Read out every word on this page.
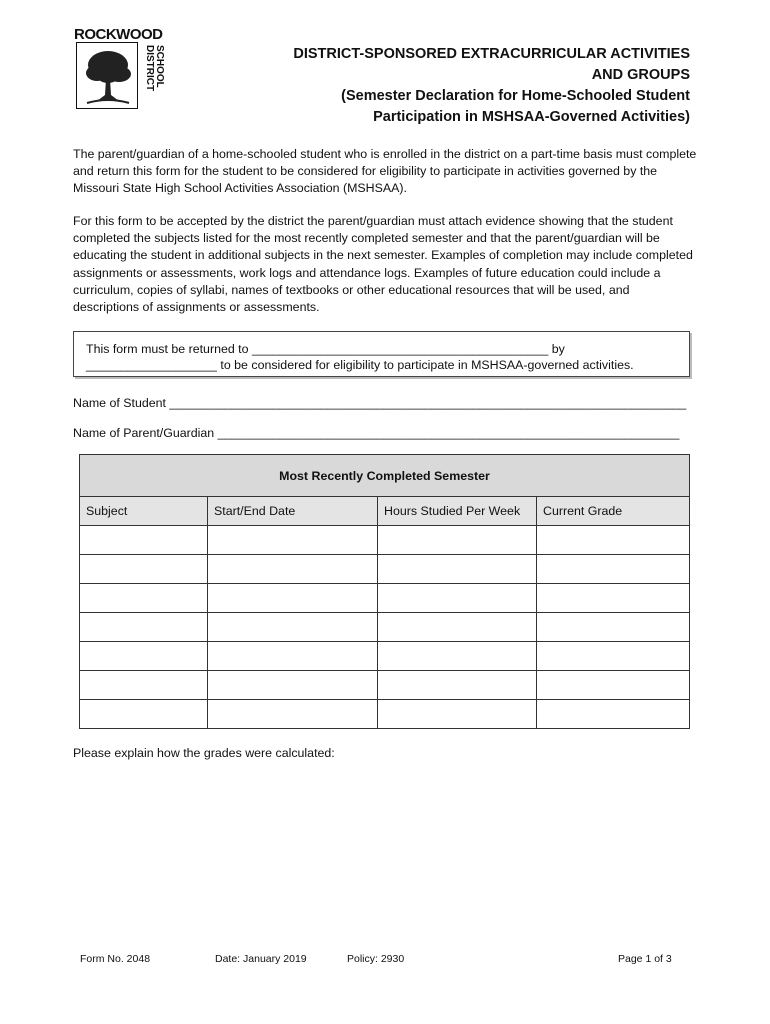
ROCKWOOD
SCHOOL
DISTRICT	DISTRICT-SPONSORED EXTRACURRICULAR ACTIVITIES
AND GROUPS
(Semester Declaration for Home-Schooled Student
Participation in MSHSAA-Governed Activities)

The parent/guardian of a home-schooled student who is enrolled in the district on a part-time basis must complete and return this form for the student to be considered for eligibility to participate in activities governed by the Missouri State High School Activities Association (MSHSAA).

For this form to be accepted by the district the parent/guardian must attach evidence showing that the student completed the subjects listed for the most recently completed semester and that the parent/guardian will be educating the student in additional subjects in the next semester. Examples of completion may include completed assignments or assessments, work logs and attendance logs. Examples of future education could include a curriculum, copies of syllabi, names of textbooks or other educational resources that will be used, and descriptions of assignments or assessments.

This form must be returned to ___________________________________________ by
___________________ to be considered for eligibility to participate in MSHSAA-governed activities.
Name of Student ___________________________________________________________________________
Name of Parent/Guardian ___________________________________________________________________
Most Recently Completed Semester			
Subject	Start/End Date	Hours Studied Per Week	Current Grade

Please explain how the grades were calculated:
Form No. 2048	Date: January 2019	Policy: 2930	Page 1 of 3
